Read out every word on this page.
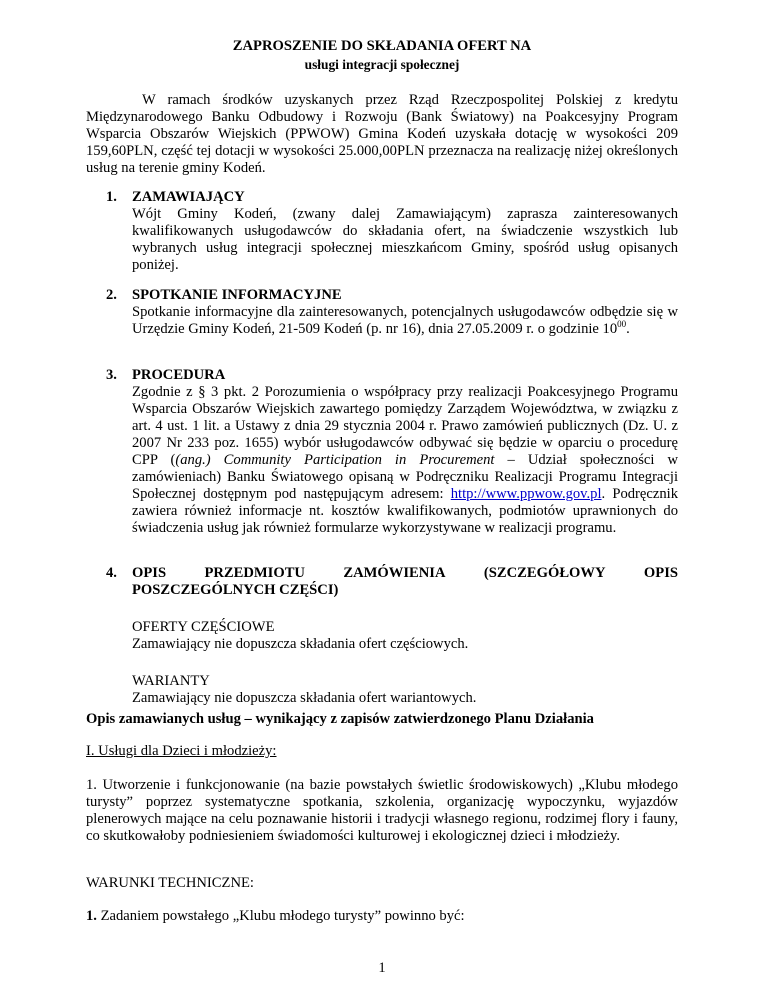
ZAPROSZENIE DO SKŁADANIA OFERT NA

usługi integracji społecznej

W ramach środków uzyskanych przez Rząd Rzeczpospolitej Polskiej z kredytu Międzynarodowego Banku Odbudowy i Rozwoju (Bank Światowy) na Poakcesyjny Program Wsparcia Obszarów Wiejskich (PPWOW) Gmina Kodeń uzyskała dotację w wysokości 209 159,60PLN, część tej dotacji w wysokości 25.000,00PLN przeznacza na realizację niżej określonych usług na terenie gminy Kodeń.

1.	ZAMAWIAJĄCY

Wójt Gminy Kodeń, (zwany dalej Zamawiającym) zaprasza zainteresowanych kwalifikowanych usługodawców do składania ofert, na świadczenie wszystkich lub wybranych usług integracji społecznej mieszkańcom Gminy, spośród usług opisanych poniżej.

2.	SPOTKANIE INFORMACYJNE

Spotkanie informacyjne dla zainteresowanych, potencjalnych usługodawców odbędzie się w Urzędzie Gminy Kodeń, 21-509 Kodeń (p. nr 16), dnia 27.05.2009 r. o godzinie $10^{00}$.

3.	PROCEDURA

Zgodnie z § 3 pkt. 2 Porozumienia o współpracy przy realizacji Poakcesyjnego Programu Wsparcia Obszarów Wiejskich zawartego pomiędzy Zarządem Województwa, w związku z art. 4 ust. 1 lit. a Ustawy z dnia 29 stycznia 2004 r. Prawo zamówień publicznych (Dz. U. z 2007 Nr 233 poz. 1655) wybór usługodawców odbywać się będzie w oparciu o procedurę CPP ((ang.) Community Participation in Procurement – Udział społeczności w zamówieniach) Banku Światowego opisaną w Podręczniku Realizacji Programu Integracji Społecznej dostępnym pod następującym adresem: http://www.ppwow.gov.pl. Podręcznik zawiera również informacje nt. kosztów kwalifikowanych, podmiotów uprawnionych do świadczenia usług jak również formularze wykorzystywane w realizacji programu.

4.	OPIS	PRZEDMIOTU	ZAMÓWIENIA	(SZCZEGÓŁOWY	OPIS

POSZCZEGÓLNYCH CZĘŚCI)

OFERTY CZĘŚCIOWE

Zamawiający nie dopuszcza składania ofert częściowych.

WARIANTY

Zamawiający nie dopuszcza składania ofert wariantowych.

Opis zamawianych usług – wynikający z zapisów zatwierdzonego Planu Działania

I. Usługi dla Dzieci i młodzieży:

1. Utworzenie i funkcjonowanie (na bazie powstałych świetlic środowiskowych) „Klubu młodego turysty” poprzez systematyczne spotkania, szkolenia, organizację wypoczynku, wyjazdów plenerowych mające na celu poznawanie historii i tradycji własnego regionu, rodzimej flory i fauny, co skutkowałoby podniesieniem świadomości kulturowej i ekologicznej dzieci i młodzieży.

WARUNKI TECHNICZNE:

1. Zadaniem powstałego „Klubu młodego turysty” powinno być:

1
